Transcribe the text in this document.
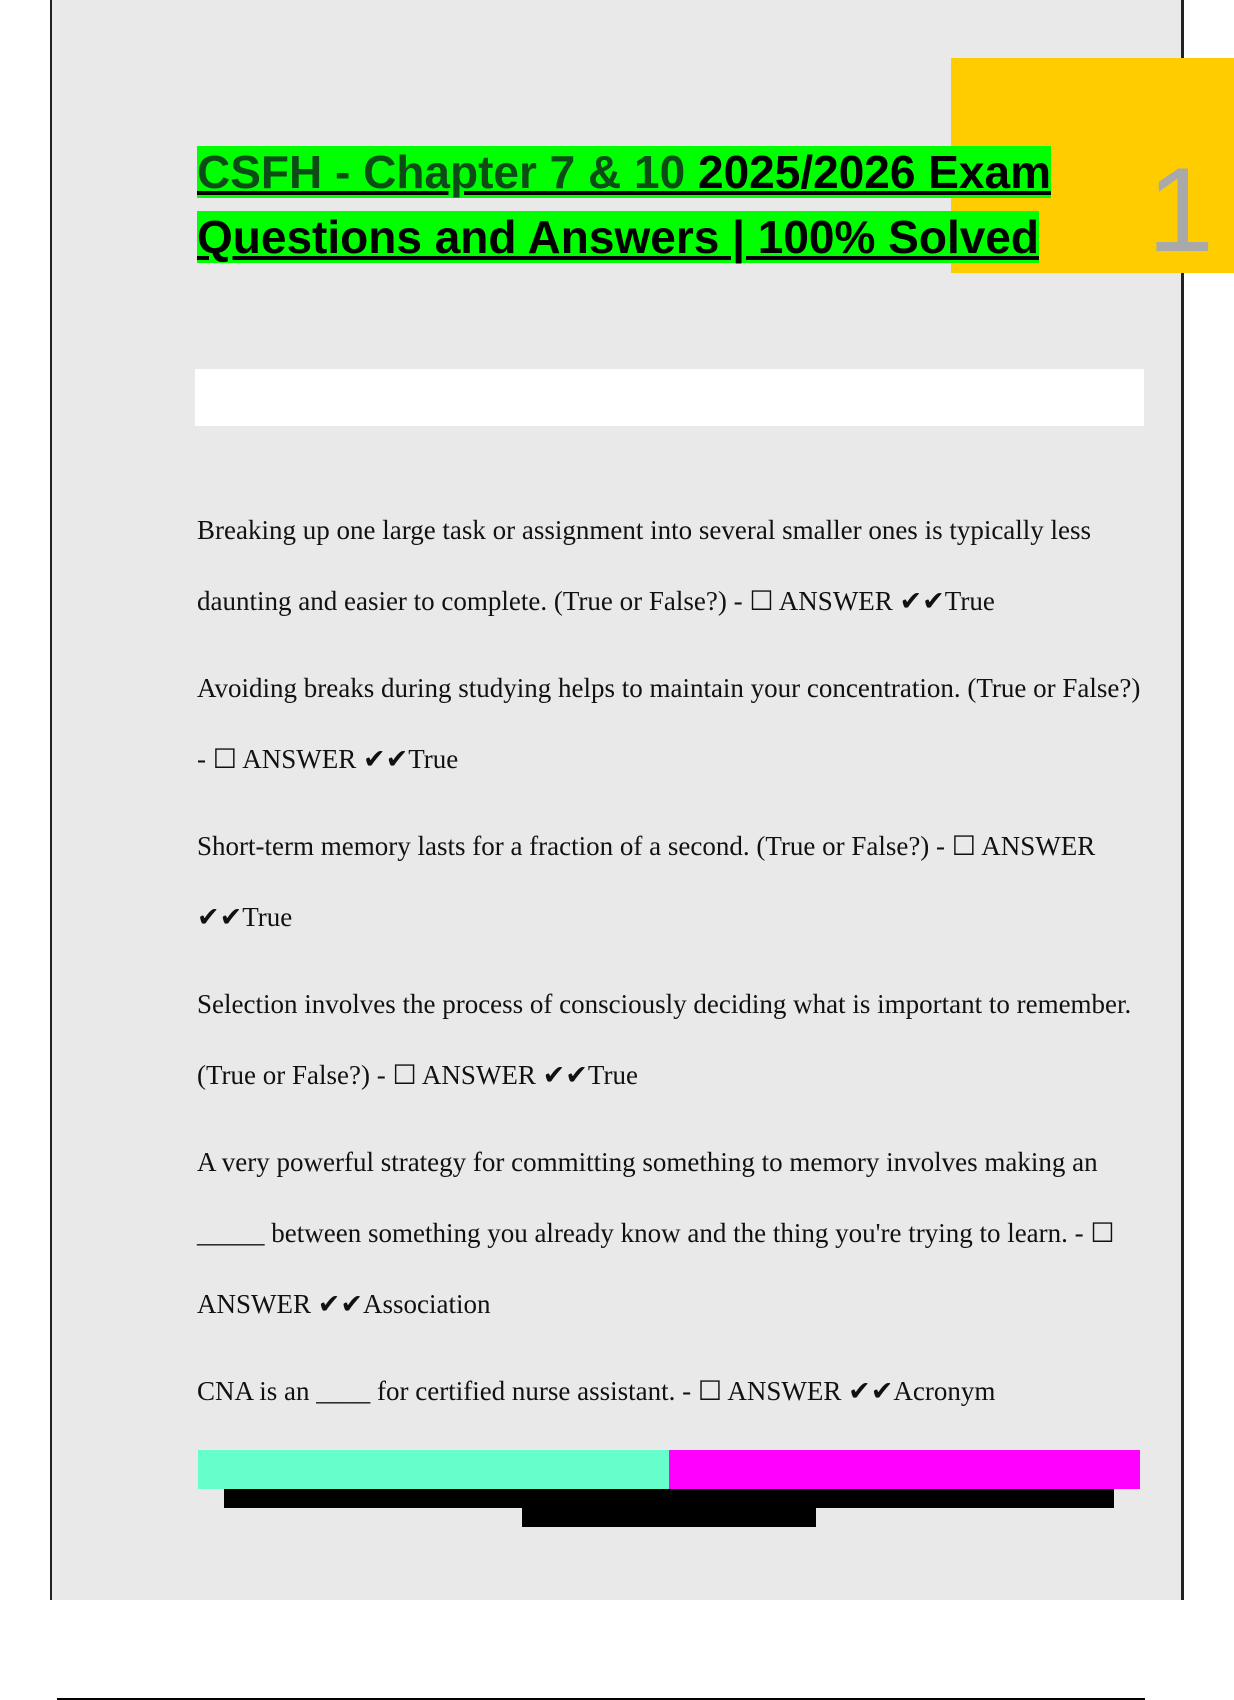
1
CSFH - Chapter 7 & 10 2025/2026 Exam Questions and Answers | 100% Solved

Breaking up one large task or assignment into several smaller ones is typically less daunting and easier to complete. (True or False?) - ☐ ANSWER ✔✔True

Avoiding breaks during studying helps to maintain your concentration. (True or False?) - ☐ ANSWER ✔✔True

Short-term memory lasts for a fraction of a second. (True or False?) - ☐ ANSWER ✔✔True

Selection involves the process of consciously deciding what is important to remember. (True or False?) - ☐ ANSWER ✔✔True

A very powerful strategy for committing something to memory involves making an _____ between something you already know and the thing you're trying to learn. - ☐ ANSWER ✔✔Association

CNA is an ____ for certified nurse assistant. - ☐ ANSWER ✔✔Acronym
